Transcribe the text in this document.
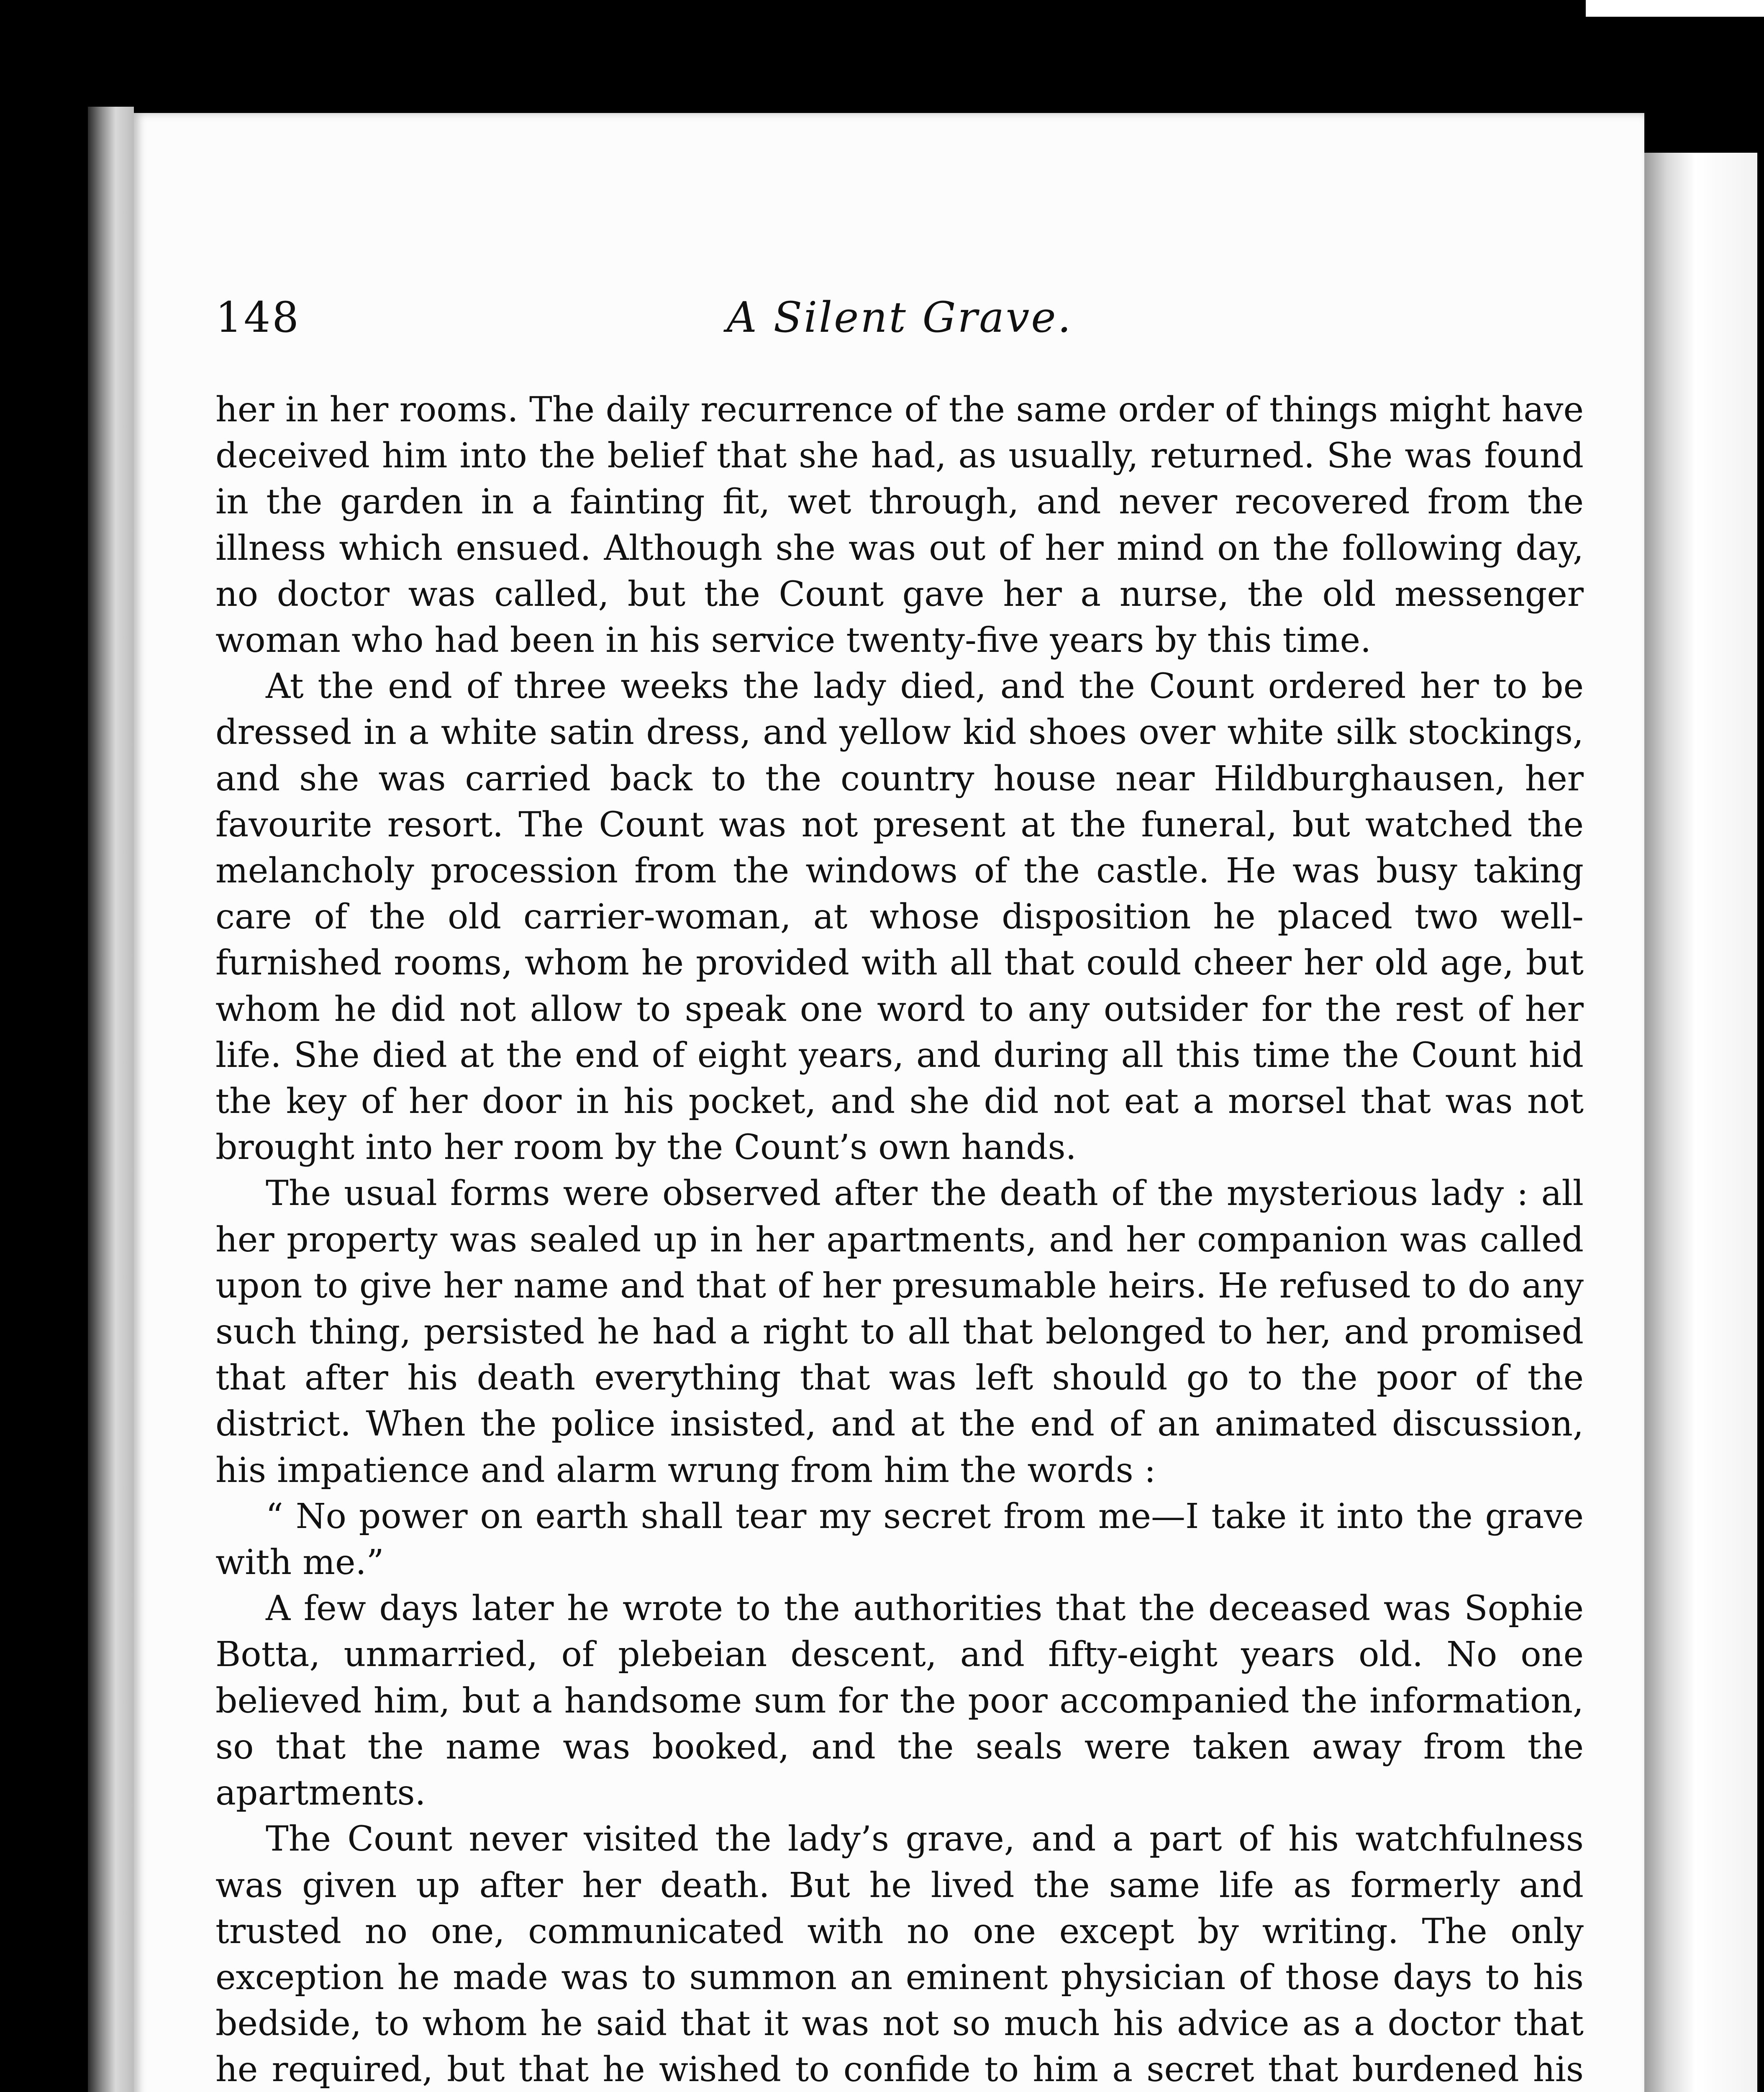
148	A Silent Grave.

her in her rooms. The daily recurrence of the same order of things might have deceived him into the belief that she had, as usually, returned. She was found in the garden in a fainting fit, wet through, and never recovered from the illness which ensued. Although she was out of her mind on the following day, no doctor was called, but the Count gave her a nurse, the old messenger woman who had been in his service twenty-five years by this time.

At the end of three weeks the lady died, and the Count ordered her to be dressed in a white satin dress, and yellow kid shoes over white silk stockings, and she was carried back to the country house near Hildburghausen, her favourite resort. The Count was not present at the funeral, but watched the melancholy procession from the windows of the castle. He was busy taking care of the old carrier-woman, at whose disposition he placed two well-furnished rooms, whom he provided with all that could cheer her old age, but whom he did not allow to speak one word to any outsider for the rest of her life. She died at the end of eight years, and during all this time the Count hid the key of her door in his pocket, and she did not eat a morsel that was not brought into her room by the Count’s own hands.

The usual forms were observed after the death of the mysterious lady : all her property was sealed up in her apartments, and her companion was called upon to give her name and that of her presumable heirs. He refused to do any such thing, persisted he had a right to all that belonged to her, and promised that after his death everything that was left should go to the poor of the district. When the police insisted, and at the end of an animated discussion, his impatience and alarm wrung from him the words :

“ No power on earth shall tear my secret from me—I take it into the grave with me.”

A few days later he wrote to the authorities that the deceased was Sophie Botta, unmarried, of plebeian descent, and fifty-eight years old. No one believed him, but a handsome sum for the poor accompanied the information, so that the name was booked, and the seals were taken away from the apartments.

The Count never visited the lady’s grave, and a part of his watchfulness was given up after her death. But he lived the same life as formerly and trusted no one, communicated with no one except by writing. The only exception he made was to summon an eminent physician of those days to his bedside, to whom he said that it was not so much his advice as a doctor that he required, but that he wished to confide to him a secret that burdened his
